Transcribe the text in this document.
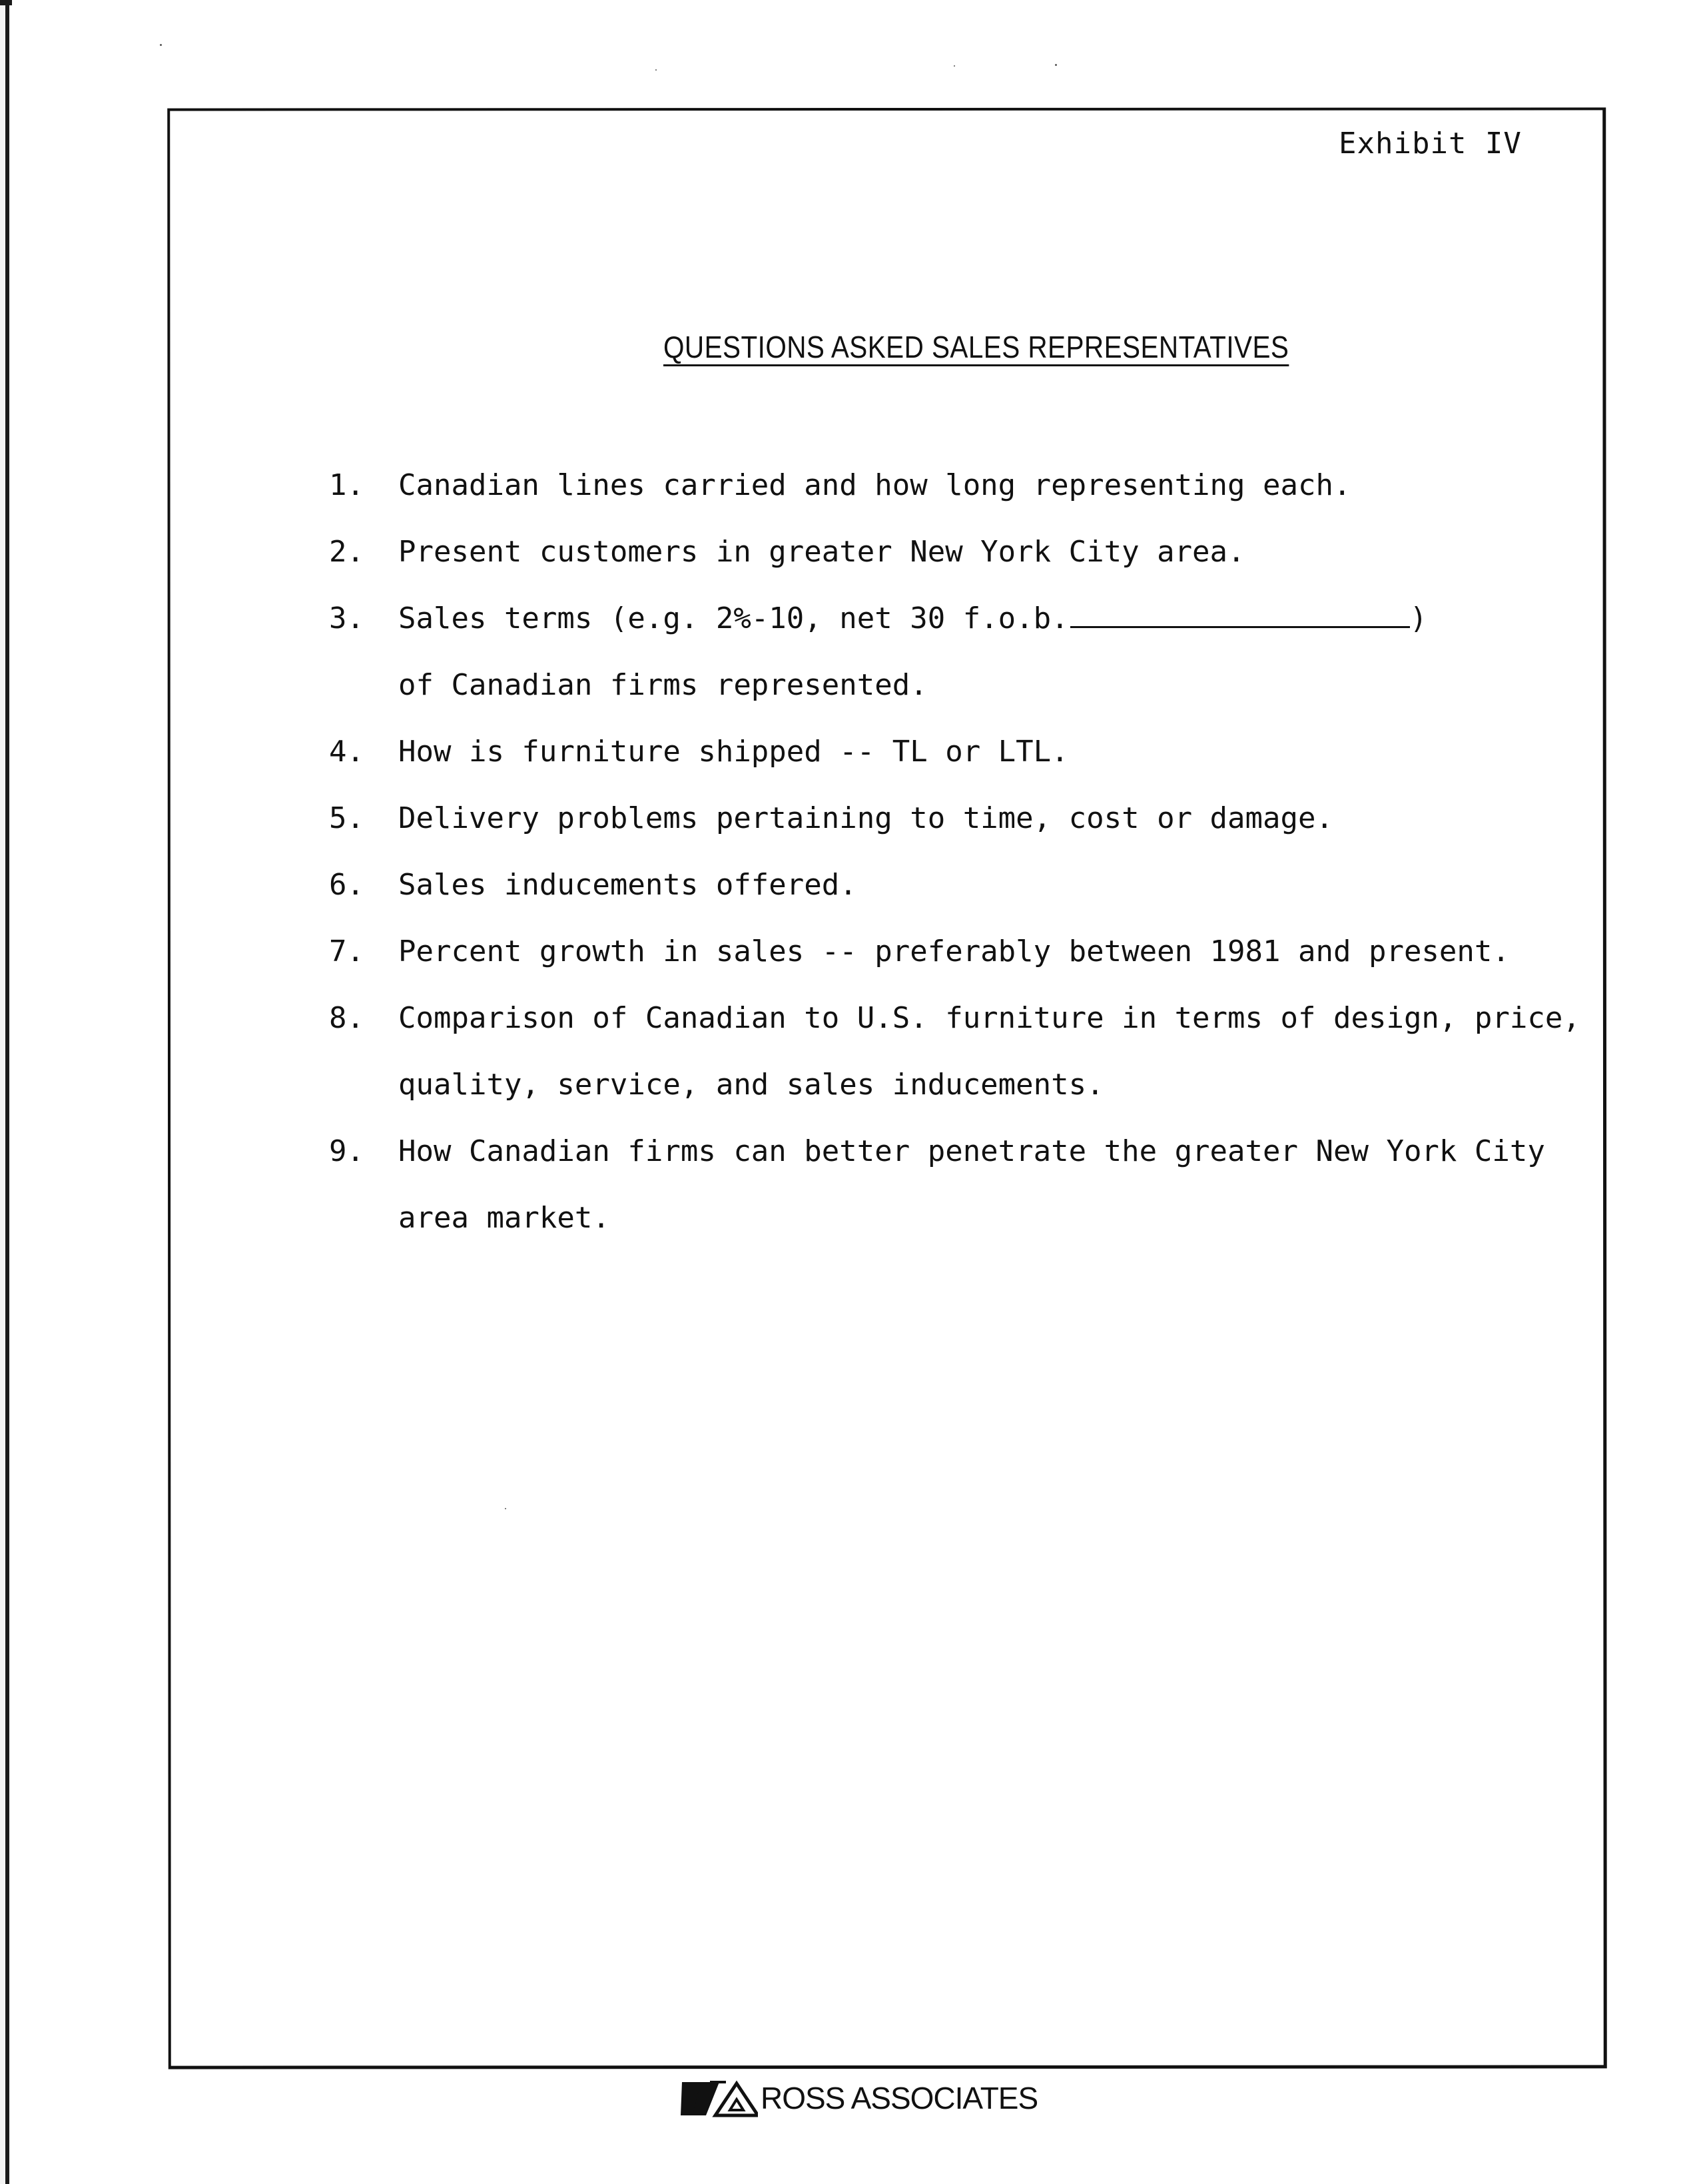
Exhibit IV
QUESTIONS ASKED SALES REPRESENTATIVES
1. Canadian lines carried and how long representing each.
2. Present customers in greater New York City area.
3. Sales terms (e.g. 2%-10, net 30 f.o.b.	)
of Canadian firms represented.
4. How is furniture shipped -- TL or LTL.
5. Delivery problems pertaining to time, cost or damage.
6. Sales inducements offered.
7. Percent growth in sales -- preferably between 1981 and present.
8. Comparison of Canadian to U.S. furniture in terms of design, price,
quality, service, and sales inducements.
9. How Canadian firms can better penetrate the greater New York City
area market.
ROSS ASSOCIATES
